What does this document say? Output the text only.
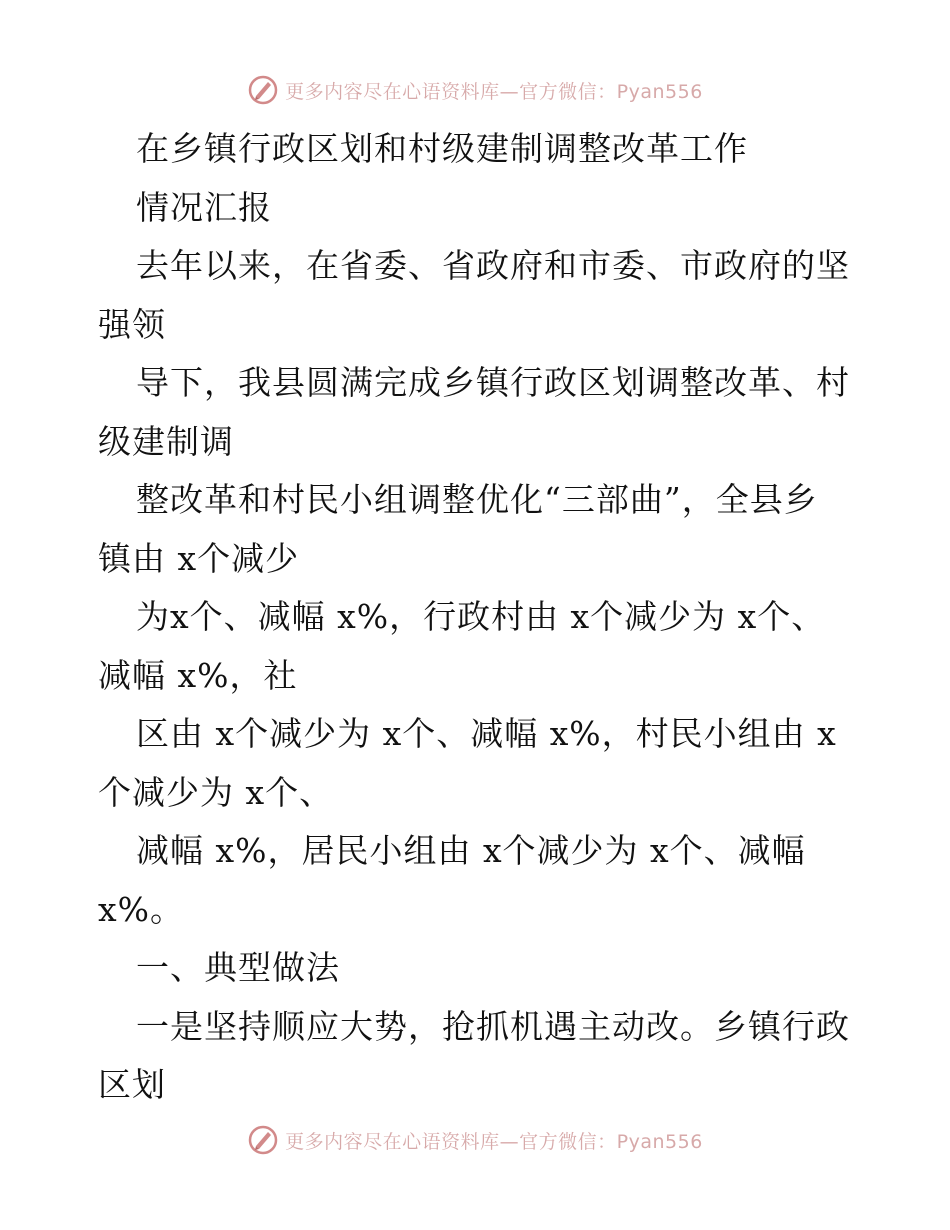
更多内容尽在心语资料库—官方微信：Pyan556
在乡镇行政区划和村级建制调整改革工作
情况汇报
去年以来，在省委、省政府和市委、市政府的坚
强领
导下，我县圆满完成乡镇行政区划调整改革、村
级建制调
整改革和村民小组调整优化“三部曲”，全县乡
镇由 x个减少
为x个、减幅 x%，行政村由 x个减少为 x个、
减幅 x%，社
区由 x个减少为 x个、减幅 x%，村民小组由 x
个减少为 x个、
减幅 x%，居民小组由 x个减少为 x个、减幅
x%。
一、典型做法
一是坚持顺应大势，抢抓机遇主动改。乡镇行政
区划
更多内容尽在心语资料库—官方微信：Pyan556
